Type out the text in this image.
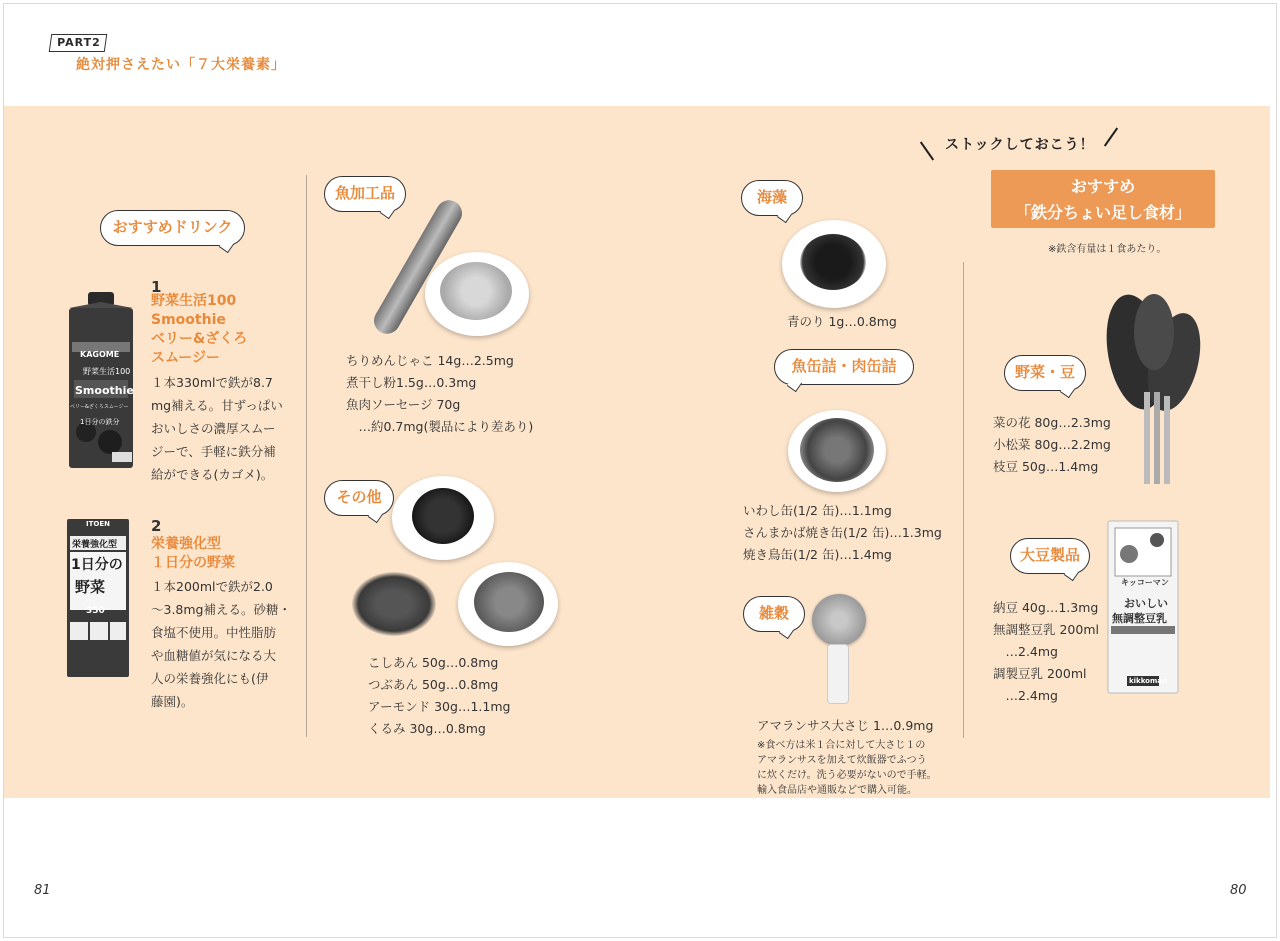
PART2
絶対押さえたい「７大栄養素」
おすすめドリンク
KAGOME
野菜生活100
Smoothie
ベリー&ざくろスムージー
1日分の鉄分
1
野菜生活100
Smoothie
ベリー&ざくろ
スムージー
１本330mlで鉄が8.7
mg補える。甘ずっぱい
おいしさの濃厚スムー
ジーで、手軽に鉄分補
給ができる(カゴメ)。
ITOEN
栄養強化型
1日分の
野菜
350
2
栄養強化型
１日分の野菜
１本200mlで鉄が2.0
〜3.8mg補える。砂糖・
食塩不使用。中性脂肪
や血糖値が気になる大
人の栄養強化にも(伊
藤園)。
魚加工品
ちりめんじゃこ 14g…2.5mg
煮干し粉1.5g…0.3mg
魚肉ソーセージ 70g
　…約0.7mg(製品により差あり)
その他
こしあん 50g…0.8mg
つぶあん 50g…0.8mg
アーモンド 30g…1.1mg
くるみ 30g…0.8mg
海藻
青のり 1g…0.8mg
魚缶詰・肉缶詰
いわし缶(1/2 缶)…1.1mg
さんまかば焼き缶(1/2 缶)…1.3mg
焼き鳥缶(1/2 缶)…1.4mg
雑穀
アマランサス大さじ 1…0.9mg
※食べ方は米１合に対して大さじ１の
アマランサスを加えて炊飯器でふつう
に炊くだけ。洗う必要がないので手軽。
輸入食品店や通販などで購入可能。
ストックしておこう！
おすすめ
「鉄分ちょい足し食材」
※鉄含有量は１食あたり。
野菜・豆
菜の花 80g…2.3mg
小松菜 80g…2.2mg
枝豆 50g…1.4mg
大豆製品
キッコーマン
おいしい
無調整豆乳
kikkoman
納豆 40g…1.3mg
無調整豆乳 200ml
　…2.4mg
調製豆乳 200ml
　…2.4mg
81	80
